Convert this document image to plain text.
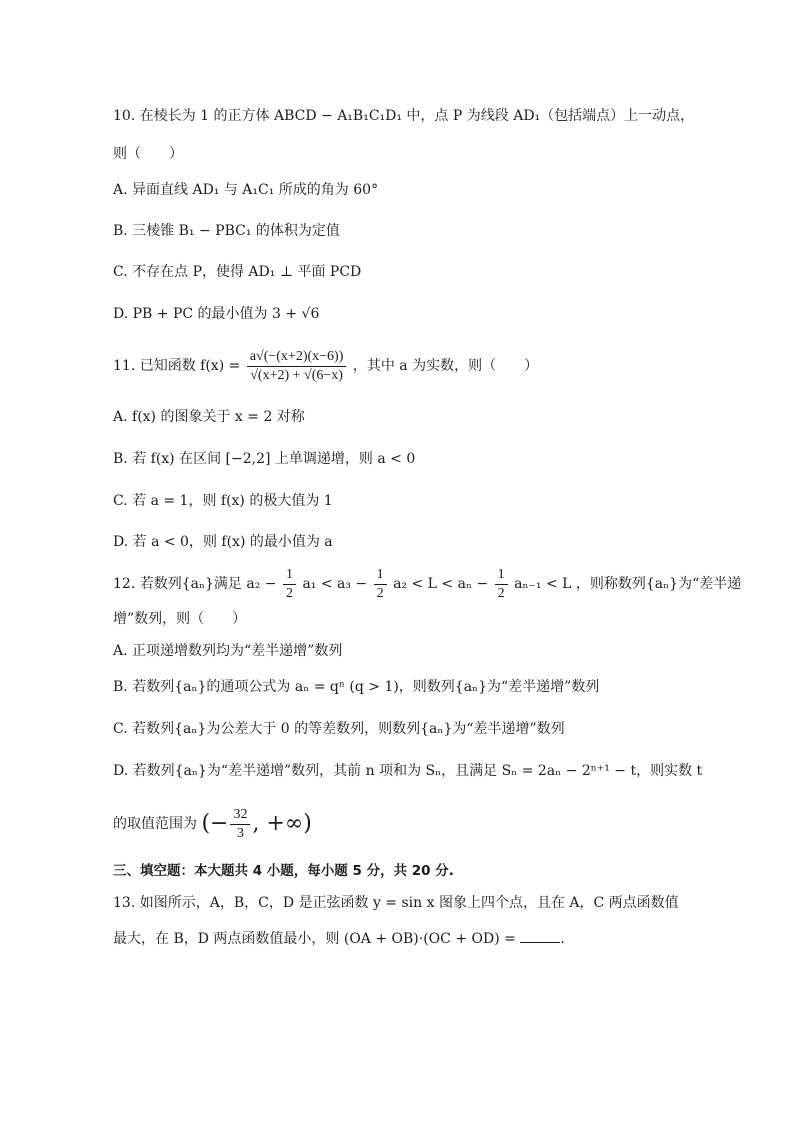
10. 在棱长为 1 的正方体 ABCD − A₁B₁C₁D₁ 中，点 P 为线段 AD₁（包括端点）上一动点，
则（　　）
A. 异面直线 AD₁ 与 A₁C₁ 所成的角为 60°
B. 三棱锥 B₁ − PBC₁ 的体积为定值
C. 不存在点 P，使得 AD₁ ⊥ 平面 PCD
D. PB + PC 的最小值为 3 + √6
11. 已知函数 $f(x) = \frac{a√(-(x+2)(x-6))}{√(x+2) + √(6-x)}$ ，其中 a 为实数，则（　　）
A. f(x) 的图象关于 x = 2 对称
B. 若 f(x) 在区间 [−2,2] 上单调递增，则 a < 0
C. 若 a = 1，则 f(x) 的极大值为 1
D. 若 a < 0，则 f(x) 的最小值为 a
12. 若数列{aₙ}满足 $a_2 - \frac{1}{2} a_1 < a_3 - \frac{1}{2} a_2 < L < a_n - \frac{1}{2} a_{n-1} < L$ ，则称数列{aₙ}为“差半递
增”数列，则（　　）
A. 正项递增数列均为“差半递增”数列
B. 若数列{aₙ}的通项公式为 aₙ = qⁿ (q > 1)，则数列{aₙ}为“差半递增”数列
C. 若数列{aₙ}为公差大于 0 的等差数列，则数列{aₙ}为“差半递增”数列
D. 若数列{aₙ}为“差半递增”数列，其前 n 项和为 Sₙ，且满足 Sₙ = 2aₙ − 2ⁿ⁺¹ − t，则实数 t
的取值范围为 (− $\frac{32}{3}$ , +∞)
三、填空题：本大题共 4 小题，每小题 5 分，共 20 分.
13. 如图所示，A，B，C，D 是正弦函数 y = sin x 图象上四个点，且在 A，C 两点函数值
最大，在 B，D 两点函数值最小，则 (OA + OB)·(OC + OD) =	.
